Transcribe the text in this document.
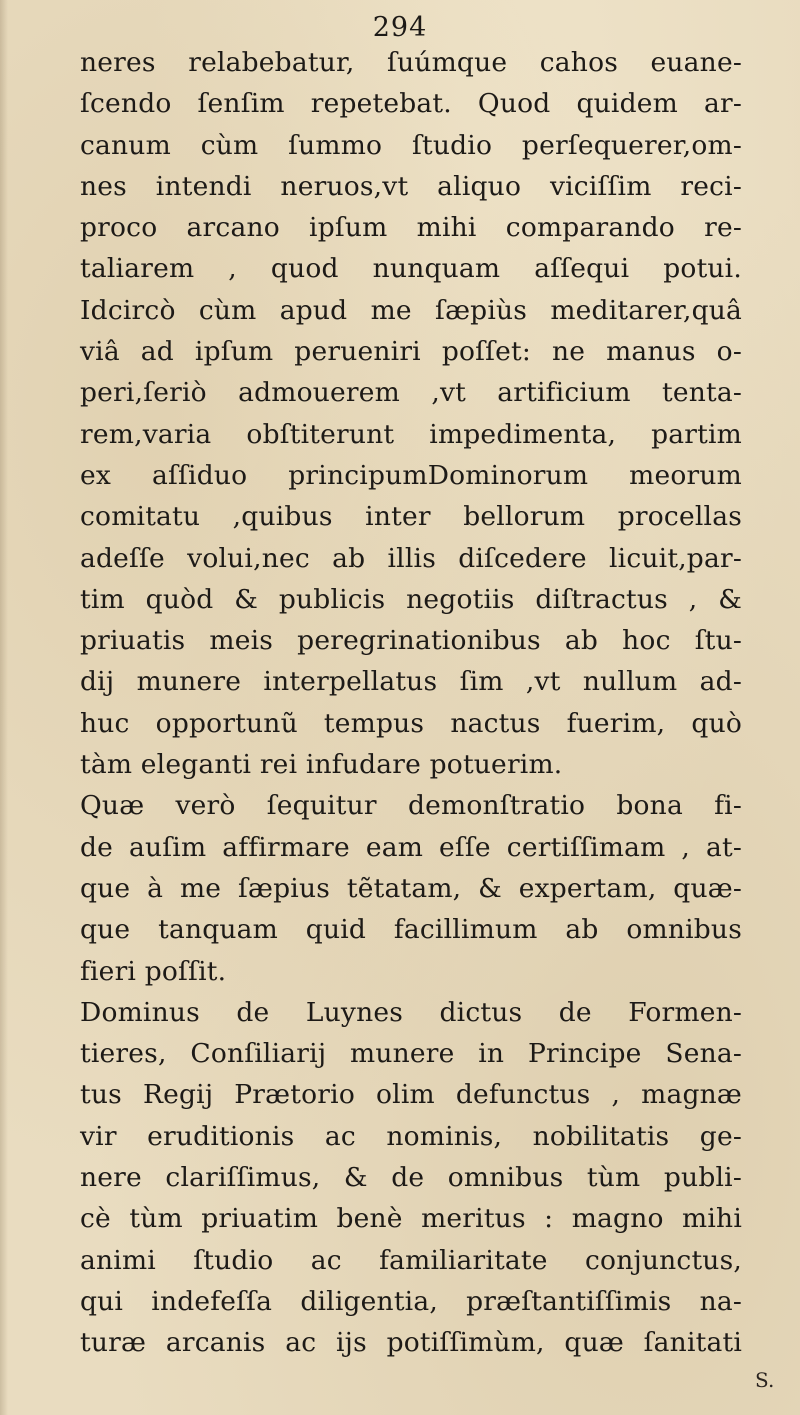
294
neres relabebatur, ſuúmque cahos euane-
ſcendo ſenſim repetebat. Quod quidem ar-
canum cùm ſummo ſtudio perſequerer,om-
nes intendi neruos,vt aliquo viciſſim reci-
proco arcano ipſum mihi comparando re-
taliarem , quod nunquam aſſequi potui.
Idcircò cùm apud me ſæpiùs meditarer,quâ
viâ ad ipſum perueniri poſſet: ne manus o-
peri,ſeriò admouerem ,vt artificium tenta-
rem,varia obſtiterunt impedimenta, partim
ex aſſiduo principumDominorum meorum
comitatu ,quibus inter bellorum procellas
adeſſe volui,nec ab illis diſcedere licuit,par-
tim quòd & publicis negotiis diſtractus , &
priuatis meis peregrinationibus ab hoc ſtu-
dij munere interpellatus ſim ,vt nullum ad-
huc opportunũ tempus nactus fuerim, quò
tàm eleganti rei infudare potuerim.
Quæ verò ſequitur demonſtratio bona fi-
de auſim affirmare eam eſſe certiſſimam , at-
que à me ſæpius tẽtatam, & expertam, quæ-
que tanquam quid facillimum ab omnibus
fieri poſſit.
Dominus de Luynes dictus de Formen-
tieres, Conſiliarij munere in Principe Sena-
tus Regij Prætorio olim defunctus , magnæ
vir eruditionis ac nominis, nobilitatis ge-
nere clariſſimus, & de omnibus tùm publi-
cè tùm priuatim benè meritus : magno mihi
animi ſtudio ac familiaritate conjunctus,
qui indefeſſa diligentia, præſtantiſſimis na-
turæ arcanis ac ijs potiſſimùm, quæ ſanitati
S.
